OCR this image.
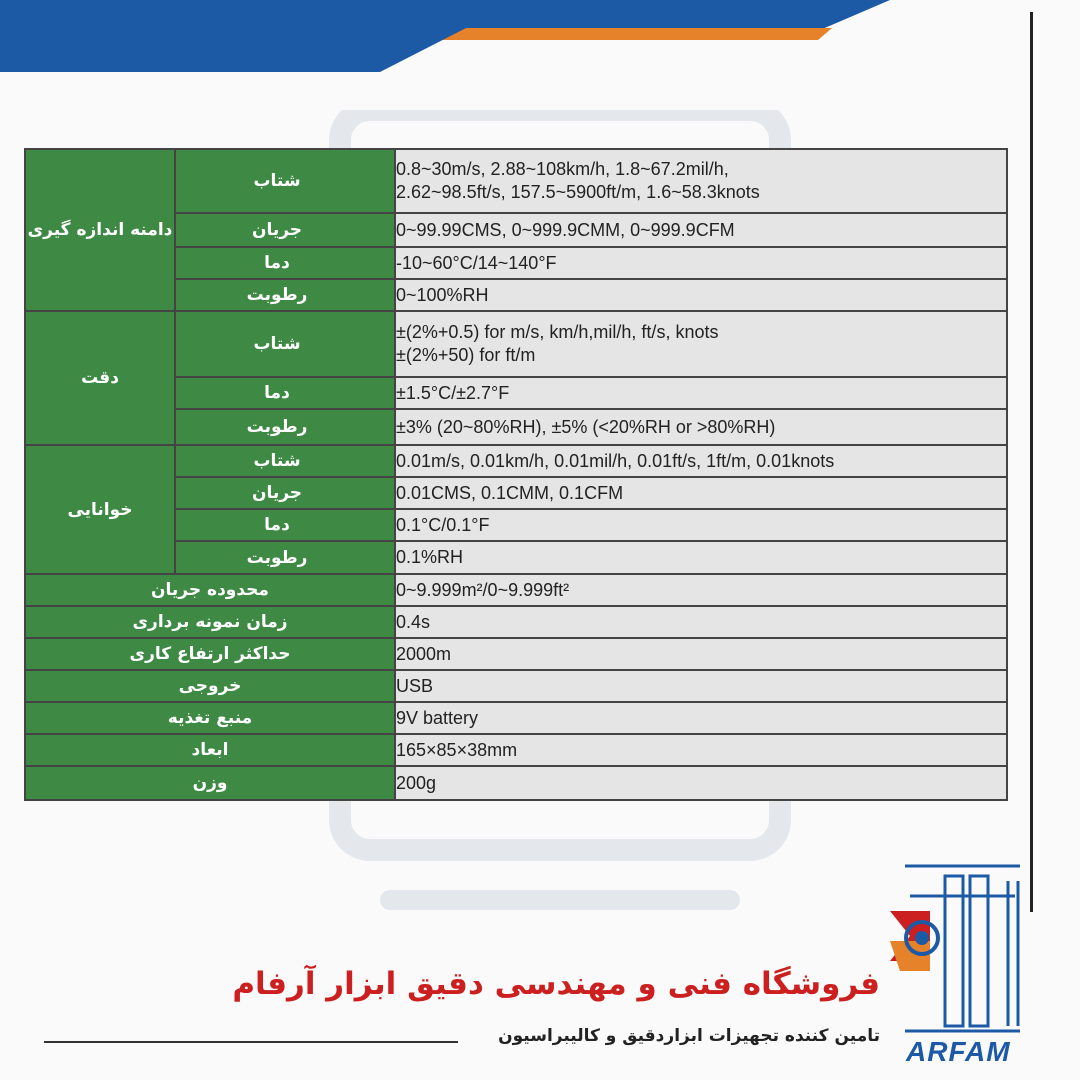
دامنه اندازه گیری	شتاب	0.8~30m/s, 2.88~108km/h, 1.8~67.2mil/h,
2.62~98.5ft/s, 157.5~5900ft/m, 1.6~58.3knots

	جریان	0~99.99CMS, 0~999.9CMM, 0~999.9CFM
	دما	-10~60°C/14~140°F
	رطوبت	0~100%RH
دقت	شتاب	±(2%+0.5) for m/s, km/h,mil/h, ft/s, knots
±(2%+50) for ft/m

	دما	±1.5°C/±2.7°F
	رطوبت	±3% (20~80%RH), ±5% (<20%RH or >80%RH)
خوانایی	شتاب	0.01m/s, 0.01km/h, 0.01mil/h, 0.01ft/s, 1ft/m, 0.01knots
	جریان	0.01CMS, 0.1CMM, 0.1CFM
	دما	0.1°C/0.1°F
	رطوبت	0.1%RH
محدوده جریان		0~9.999m²/0~9.999ft²
زمان نمونه برداری		0.4s
حداکثر ارتفاع کاری		2000m
خروجی		USB
منبع تغذیه		9V battery
ابعاد		165×85×38mm
وزن		200g
فروشگاه فنی و مهندسی دقیق ابزار آرفام
تامین کننده تجهیزات ابزاردقیق و کالیبراسیون ARFAM
